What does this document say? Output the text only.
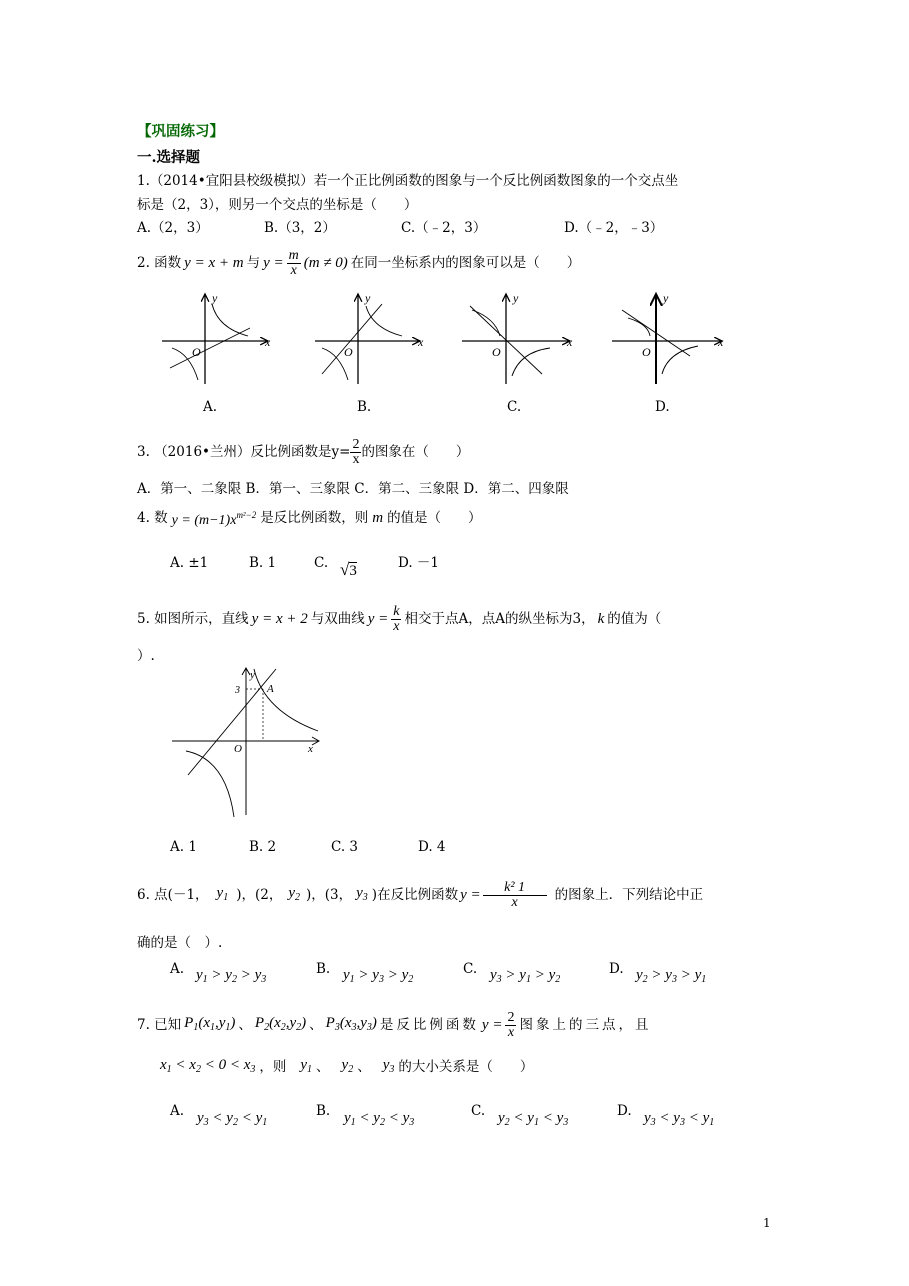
【巩固练习】
一.选择题
1.（2014•宜阳县校级模拟）若一个正比例函数的图象与一个反比例函数图象的一个交点坐
标是（2，3），则另一个交点的坐标是（　　）
A.（2，3）	B.（3，2）	C.（﹣2，3）	D.（﹣2，﹣3）
2. 函数 y = x + m 与 $y = \frac{m}{x} (m \ne 0)$ 在同一坐标系内的图象可以是（　　）
x
y
O
x
y
O
x
y
O
x
y
O
A.	B.	C.	D.
3. （2016•兰州）反比例函数是$y= \frac{2}{x}$ 的图象在（　　）
A．第一、二象限 B．第一、三象限 C．第二、三象限 D．第二、四象限
4. 数 $y = (m-1)x^{m^2-2}$ 是反比例函数，则 m 的值是（　　）
A. ±1	B. 1	C. √3	D. －1
5. 如图所示，直线 y = x + 2 与双曲线 $y = \frac{k}{x}$ 相交于点A，点A的纵坐标为3， k 的值为（
）.
x
y
O
3 A
A. 1	B. 2	C. 3	D. 4
6. 点(－1， $y_1$ )，(2， $y_2$ )，(3， $y_3$ )在反比例函数 $y = \frac{\text{k² 1}}{x}$ 的图象上．下列结论中正
确的是（　）.
A. $y_1 > y_2 > y_3$
B. $y_1 > y_3 > y_2$
C. $y_3 > y_1 > y_2$
D. $y_2 > y_3 > y_1$
7. 已知 $P_1(x_1,y_1)$ 、 $P_2(x_2,y_2)$ 、 $P_3(x_3,y_3)$ 是反比例函数 $y = \frac{2}{x}$ 图象上的三点，且
$x_1 < x_2 < 0 < x_3$ ，则 $y_1$ 、 $y_2$ 、 $y_3$ 的大小关系是（　　）
A. $y_3 < y_2 < y_1$
B. $y_1 < y_2 < y_3$
C. $y_2 < y_1 < y_3$
D. $y_3 < y_3 < y_1$
1
